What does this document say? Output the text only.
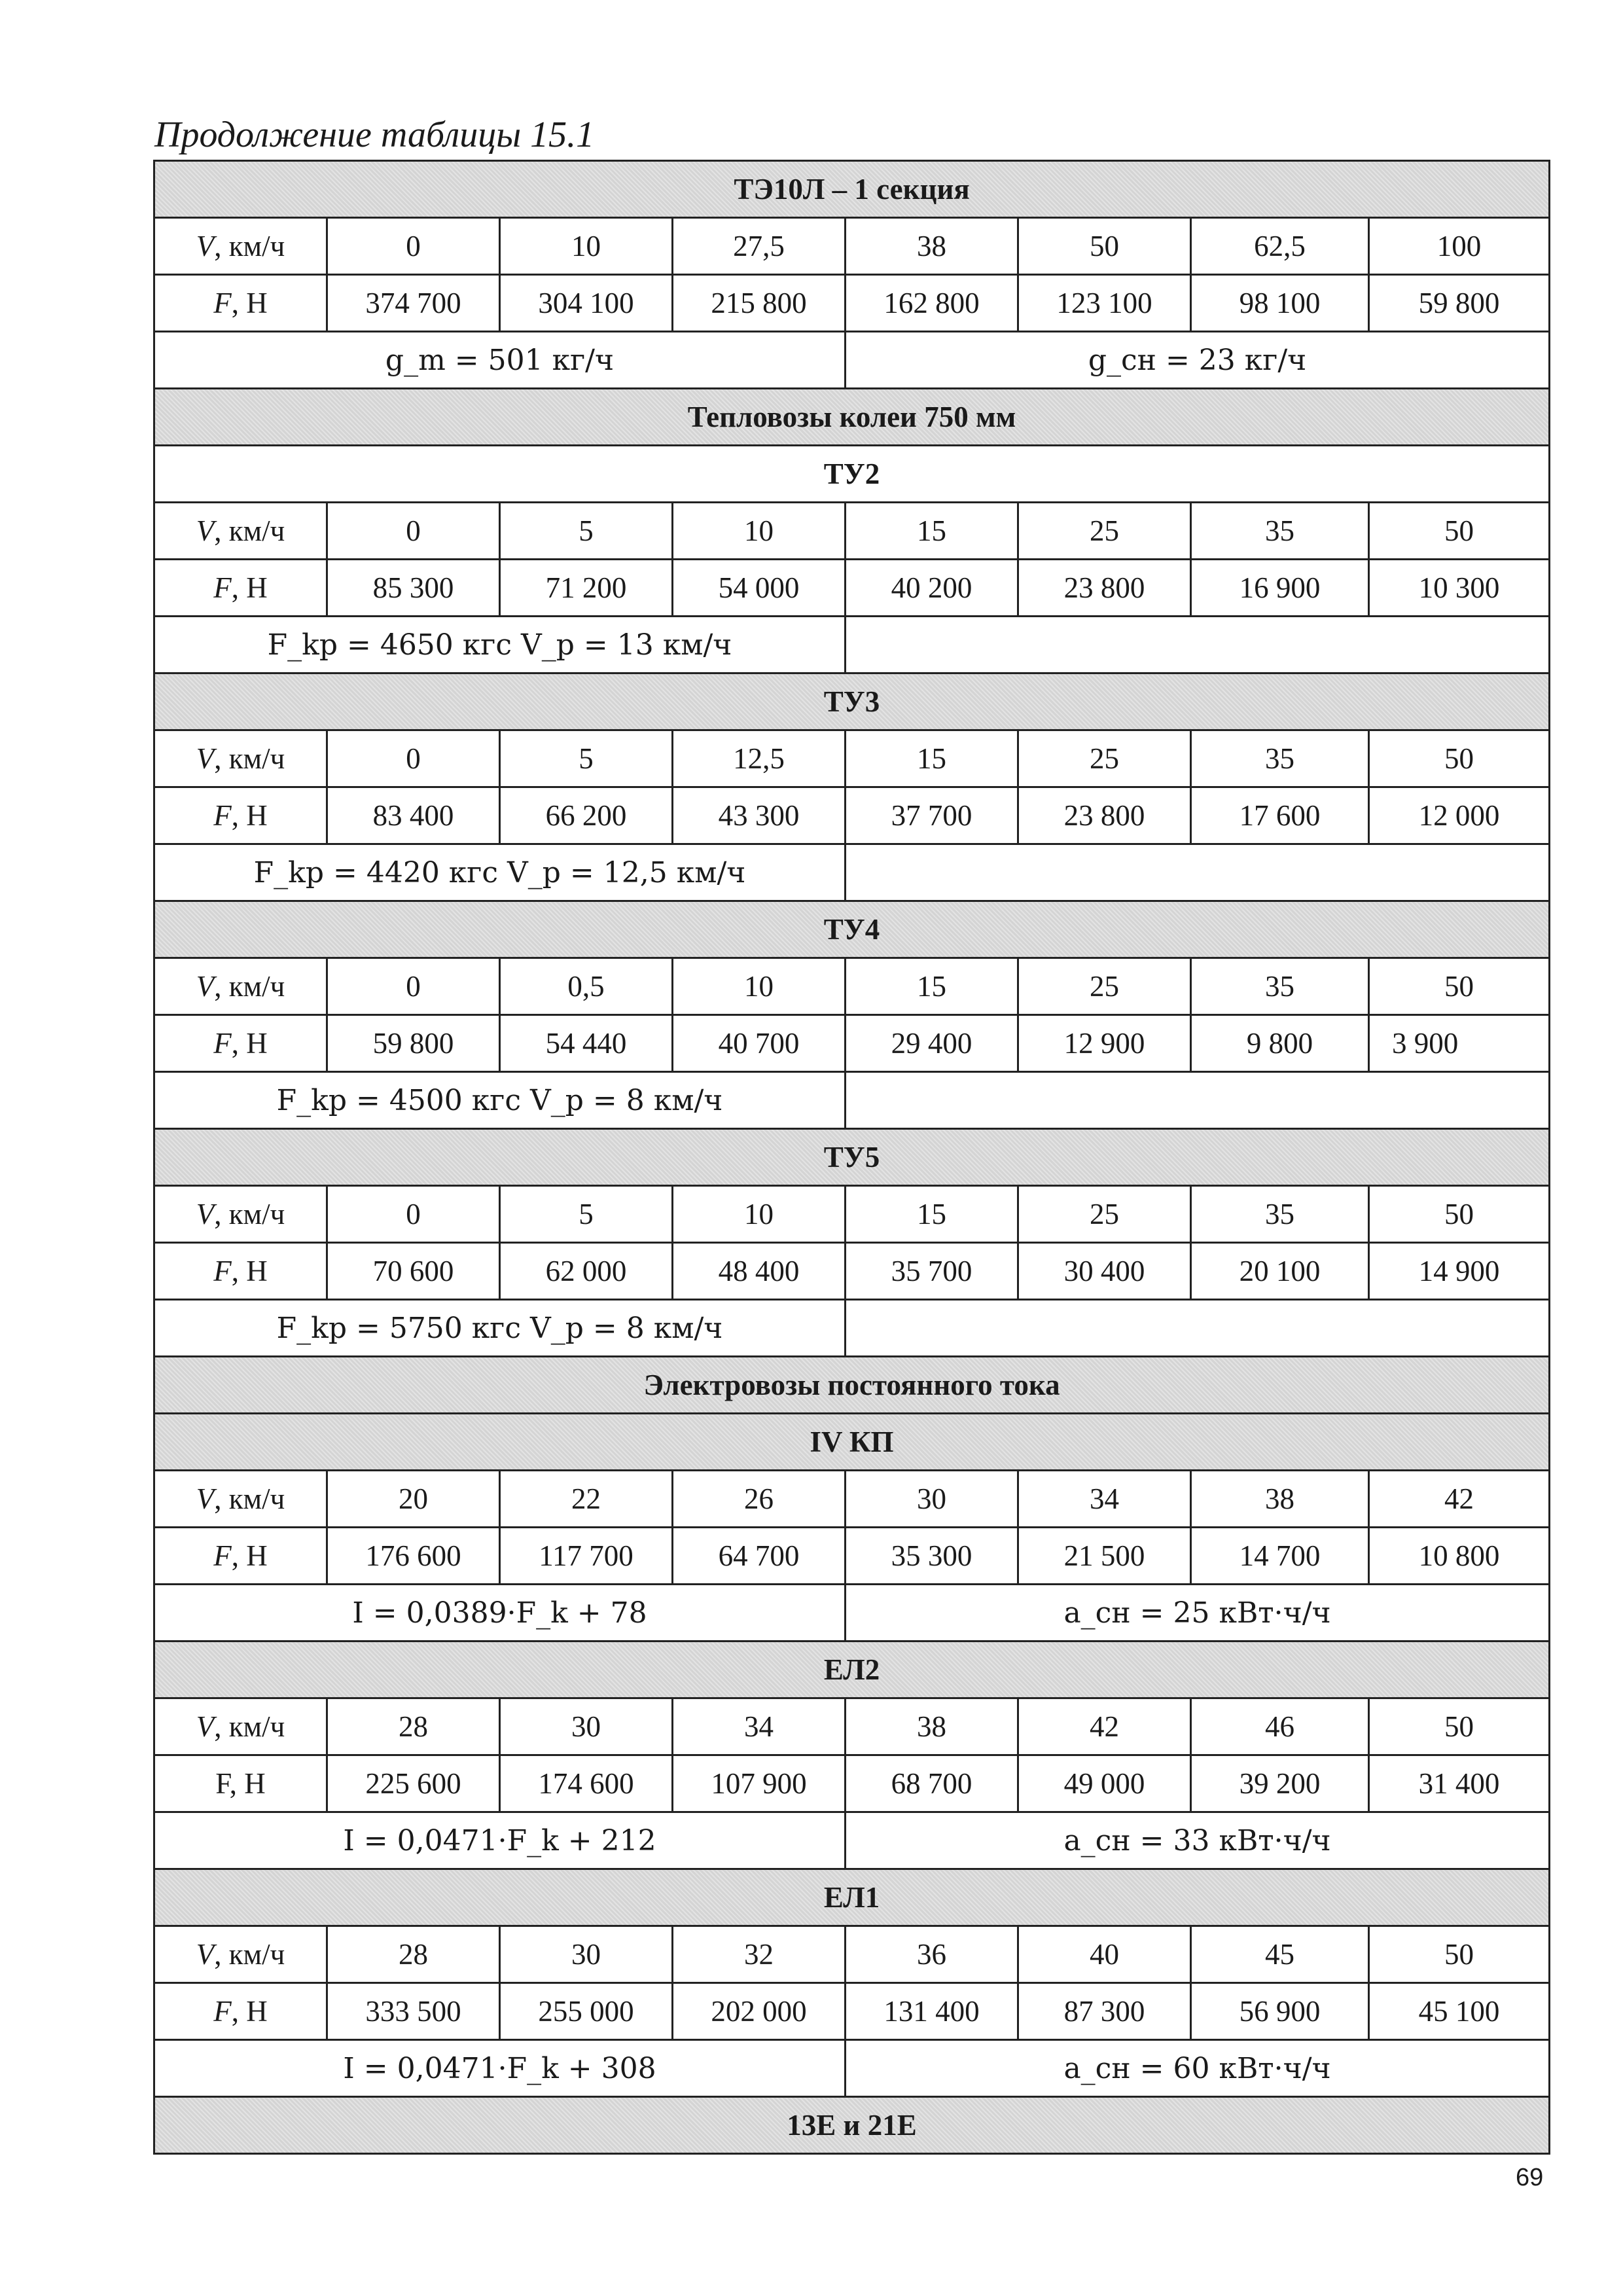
Продолжение таблицы 15.1
ТЭ10Л – 1 секция							
V, км/ч	0	10	27,5	38	50	62,5	100
F, Н	374 700	304 100	215 800	162 800	123 100	98 100	59 800
g_m = 501 кг/ч				g_сн = 23 кг/ч			
Тепловозы колеи 750 мм							
ТУ2							
V, км/ч	0	5	10	15	25	35	50
F, Н	85 300	71 200	54 000	40 200	23 800	16 900	10 300
F_kp = 4650 кгс V_p = 13 км/ч							
ТУ3							
V, км/ч	0	5	12,5	15	25	35	50
F, Н	83 400	66 200	43 300	37 700	23 800	17 600	12 000
F_kp = 4420 кгс V_p = 12,5 км/ч							
ТУ4							
V, км/ч	0	0,5	10	15	25	35	50
F, Н	59 800	54 440	40 700	29 400	12 900	9 800	3 900
F_kp = 4500 кгс V_p = 8 км/ч							
ТУ5							
V, км/ч	0	5	10	15	25	35	50
F, Н	70 600	62 000	48 400	35 700	30 400	20 100	14 900
F_kp = 5750 кгс V_p = 8 км/ч							
Электровозы постоянного тока							
IV КП							
V, км/ч	20	22	26	30	34	38	42
F, Н	176 600	117 700	64 700	35 300	21 500	14 700	10 800
I = 0,0389·F_k + 78				a_сн = 25 кВт·ч/ч			
ЕЛ2							
V, км/ч	28	30	34	38	42	46	50
F, Н	225 600	174 600	107 900	68 700	49 000	39 200	31 400
I = 0,0471·F_k + 212				a_сн = 33 кВт·ч/ч			
ЕЛ1							
V, км/ч	28	30	32	36	40	45	50
F, Н	333 500	255 000	202 000	131 400	87 300	56 900	45 100
I = 0,0471·F_k + 308				a_сн = 60 кВт·ч/ч			
13Е и 21Е							
69
